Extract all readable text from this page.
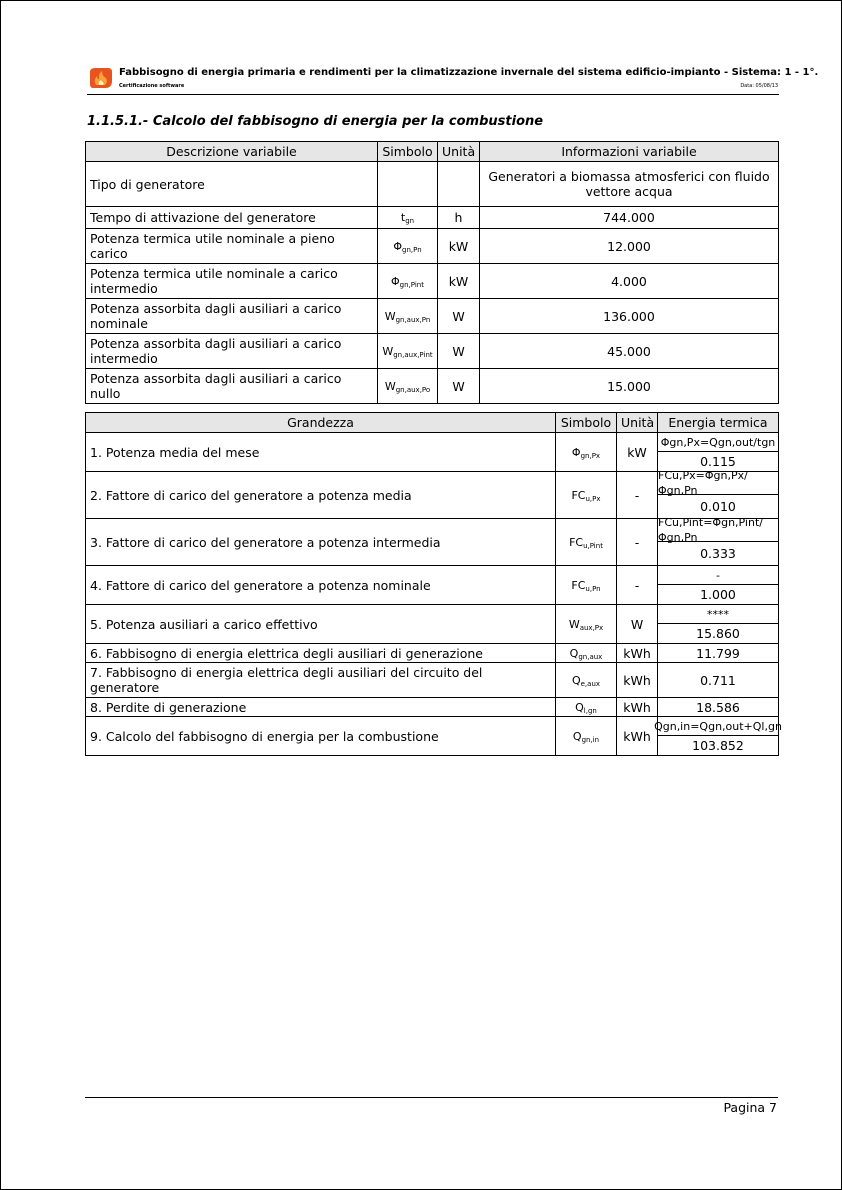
Fabbisogno di energia primaria e rendimenti per la climatizzazione invernale del sistema edificio-impianto - Sistema: 1 - 1°.
Certificazione software	Data: 05/08/13
1.1.5.1.- Calcolo del fabbisogno di energia per la combustione
Descrizione variabile	Simbolo	Unità	Informazioni variabile
Tipo di generatore			Generatori a biomassa atmosferici con fluido vettore acqua
Tempo di attivazione del generatore	$t_{gn}$	h	744.000
Potenza termica utile nominale a pieno carico	$\Phi_{gn,Pn}$	kW	12.000
Potenza termica utile nominale a carico intermedio	$\Phi_{gn,Pint}$	kW	4.000
Potenza assorbita dagli ausiliari a carico nominale	$W_{gn,aux,Pn}$	W	136.000
Potenza assorbita dagli ausiliari a carico intermedio	$W_{gn,aux,Pint}$	W	45.000
Potenza assorbita dagli ausiliari a carico nullo	$W_{gn,aux,Po}$	W	15.000
Grandezza	Simbolo	Unità	Energia termica
1. Potenza media del mese	$\Phi_{gn,Px}$	kW	Φgn,Px=Qgn,out/tgn
0.115

2. Fattore di carico del generatore a potenza media	$FC_{u,Px}$	-	FCu,Px=Φgn,Px/Φgn,Pn
0.010

3. Fattore di carico del generatore a potenza intermedia	$FC_{u,Pint}$	-	FCu,Pint=Φgn,Pint/Φgn,Pn
0.333

4. Fattore di carico del generatore a potenza nominale	$FC_{u,Pn}$	-	-
1.000

5. Potenza ausiliari a carico effettivo	$W_{aux,Px}$	W	****
15.860

6. Fabbisogno di energia elettrica degli ausiliari di generazione	$Q_{gn,aux}$	kWh	11.799
7. Fabbisogno di energia elettrica degli ausiliari del circuito del generatore	$Q_{e,aux}$	kWh	0.711
8. Perdite di generazione	$Q_{l,gn}$	kWh	18.586
9. Calcolo del fabbisogno di energia per la combustione	$Q_{gn,in}$	kWh	Qgn,in=Qgn,out+Ql,gn
103.852
Pagina 7
